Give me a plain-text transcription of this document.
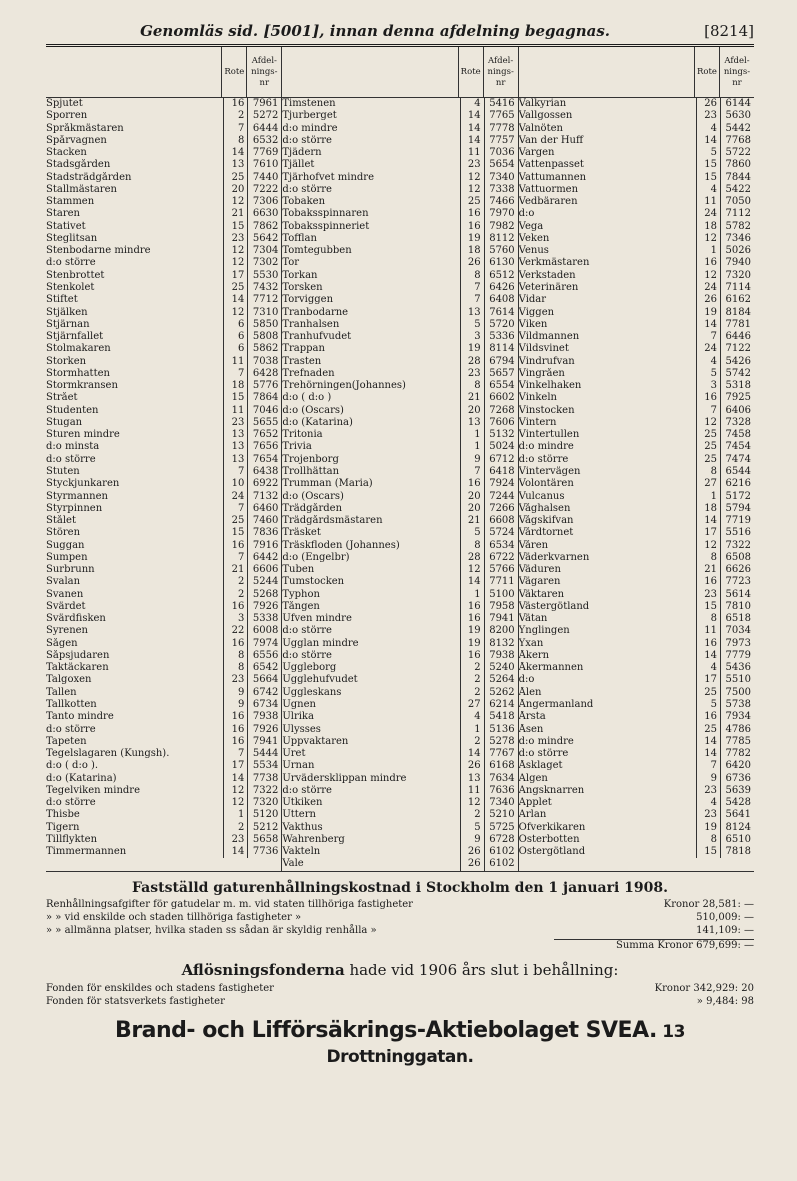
Genomläs sid. [5001], innan denna afdelning begagnas.	[8214]
Rote
Afdel-
nings-
nr
Spjutet	16 7961
Sporren	2 5272
Språkmästaren	7 6444
Spårvagnen	8 6532
Stacken	14 7769
Stadsgården	13 7610
Stadsträdgården	25 7440
Stallmästaren	20 7222
Stammen	12 7306
Staren	21 6630
Stativet	15 7862
Steglitsan	23 5642
Stenbodarne mindre	12 7304
d:o större	12 7302
Stenbrottet	17 5530
Stenkolet	25 7432
Stiftet	14 7712
Stjälken	12 7310
Stjärnan	6 5850
Stjärnfallet	6 5808
Stolmakaren	6 5862
Storken	11 7038
Stormhatten	7 6428
Stormkransen	18 5776
Strået	15 7864
Studenten	11 7046
Stugan	23 5655
Sturen mindre	13 7652
d:o minsta	13 7656
d:o större	13 7654
Stuten	7 6438
Styckjunkaren	10 6922
Styrmannen	24 7132
Styrpinnen	7 6460
Stålet	25 7460
Stören	15 7836
Suggan	16 7916
Sumpen	7 6442
Surbrunn	21 6606
Svalan	2 5244
Svanen	2 5268
Svärdet	16 7926
Svärdfisken	3 5338
Syrenen	22 6008
Sågen	16 7974
Såpsjudaren	8 6556
Taktäckaren	8 6542
Talgoxen	23 5664
Tallen	9 6742
Tallkotten	9 6734
Tanto mindre	16 7938
d:o större	16 7926
Tapeten	16 7941
Tegelslagaren (Kungsh).	7 5444
d:o ( d:o ).	17 5534
d:o (Katarina)	14 7738
Tegelviken mindre	12 7322
d:o större	12 7320
Thisbe	1 5120
Tigern	2 5212
Tillflykten	23 5658
Timmermannen	14 7736
Rote
Afdel-
nings-
nr
Timstenen	4 5416
Tjurberget	14 7765
d:o mindre	14 7778
d:o större	14 7757
Tjädern	11 7036
Tjället	23 5654
Tjärhofvet mindre	12 7340
d:o större	12 7338
Tobaken	25 7466
Tobaksspinnaren	16 7970
Tobaksspinneriet	16 7982
Tofflan	19 8112
Tomtegubben	18 5760
Tor	26 6130
Torkan	8 6512
Torsken	7 6426
Torviggen	7 6408
Tranbodarne	13 7614
Tranhalsen	5 5720
Tranhufvudet	3 5336
Trappan	19 8114
Trasten	28 6794
Trefnaden	23 5657
Trehörningen(Johannes)	8 6554
d:o ( d:o )	21 6602
d:o (Oscars)	20 7268
d:o (Katarina)	13 7606
Tritonia	1 5132
Trivia	1 5024
Trojenborg	9 6712
Trollhättan	7 6418
Trumman (Maria)	16 7924
d:o (Oscars)	20 7244
Trädgården	20 7266
Trädgårdsmästaren	21 6608
Träsket	5 5724
Träskfloden (Johannes)	8 6534
d:o (Engelbr)	28 6722
Tuben	12 5766
Tumstocken	14 7711
Typhon	1 5100
Tången	16 7958
Ufven mindre	16 7941
d:o större	19 8200
Ugglan mindre	19 8132
d:o större	16 7938
Uggleborg	2 5240
Ugglehufvudet	2 5264
Uggleskans	2 5262
Ugnen	27 6214
Ulrika	4 5418
Ulysses	1 5136
Uppvaktaren	2 5278
Uret	14 7767
Urnan	26 6168
Urvädersklippan mindre	13 7634
d:o större	11 7636
Utkiken	12 7340
Uttern	2 5210
Vakthus	5 5725
Wahrenberg	9 6728
Vakteln	26 6102
Vale	26 6102
Rote
Afdel-
nings-
nr
Valkyrian	26 6144
Vallgossen	23 5630
Valnöten	4 5442
Van der Huff	14 7768
Vargen	5 5722
Vattenpasset	15 7860
Vattumannen	15 7844
Vattuormen	4 5422
Vedbäraren	11 7050
d:o	24 7112
Vega	18 5782
Veken	12 7346
Venus	1 5026
Verkmästaren	16 7940
Verkstaden	12 7320
Veterinären	24 7114
Vidar	26 6162
Viggen	19 8184
Viken	14 7781
Vildmannen	7 6446
Vildsvinet	24 7122
Vindrufvan	4 5426
Vingråen	5 5742
Vinkelhaken	3 5318
Vinkeln	16 7925
Vinstocken	7 6406
Vintern	12 7328
Vintertullen	25 7458
d:o mindre	25 7454
d:o större	25 7474
Vintervägen	8 6544
Volontären	27 6216
Vulcanus	1 5172
Våghalsen	18 5794
Vågskifvan	14 7719
Vårdtornet	17 5516
Våren	12 7322
Väderkvarnen	8 6508
Väduren	21 6626
Vägaren	16 7723
Väktaren	23 5614
Västergötland	15 7810
Vätan	8 6518
Ynglingen	11 7034
Yxan	16 7973
Åkern	14 7779
Åkermannen	4 5436
d:o	17 5510
Ålen	25 7500
Ångermanland	5 5738
Årsta	16 7934
Åsen	25 4786
d:o mindre	14 7785
d:o större	14 7782
Åsklaget	7 6420
Älgen	9 6736
Ängsknarren	23 5639
Äpplet	4 5428
Ärlan	23 5641
Öfverkikaren	19 8124
Österbotten	8 6510
Östergötland	15 7818
Fastställd gaturenhållningskostnad i Stockholm den 1 januari 1908.
Renhållningsafgifter för gatudelar m. m. vid staten tillhöriga fastigheter	Kronor 28,581: —
» » vid enskilde och staden tillhöriga fastigheter »	510,009: —
» » allmänna platser, hvilka staden ss sådan är skyldig renhålla »	141,109: —
Summa Kronor 679,699: —
Aflösningsfonderna hade vid 1906 års slut i behållning:
Fonden för enskildes och stadens fastigheter	Kronor 342,929: 20
Fonden för statsverkets fastigheter	» 9,484: 98
Brand- och Lifförsäkrings-Aktiebolaget SVEA. 13 Drottninggatan.
